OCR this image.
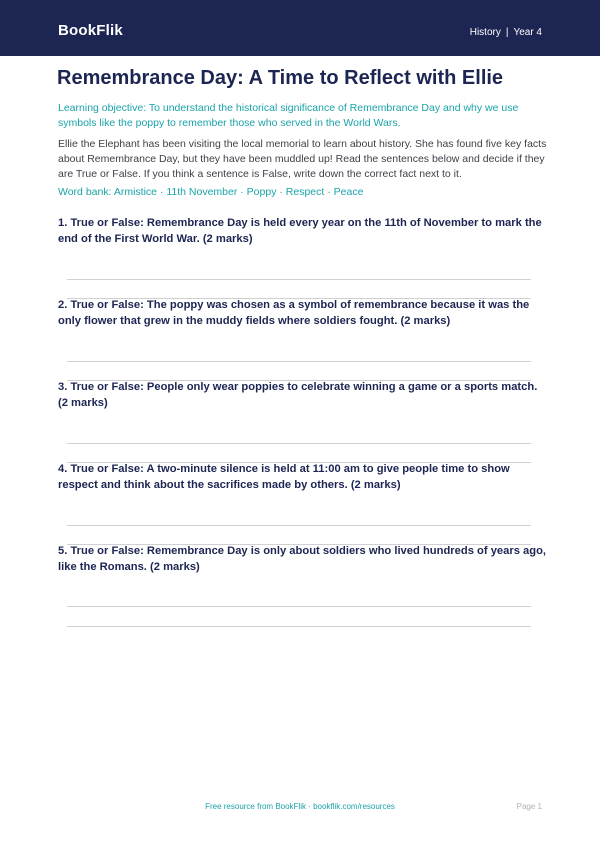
BookFlik	History | Year 4
Remembrance Day: A Time to Reflect with Ellie
Learning objective: To understand the historical significance of Remembrance Day and why we use symbols like the poppy to remember those who served in the World Wars.
Ellie the Elephant has been visiting the local memorial to learn about history. She has found five key facts about Remembrance Day, but they have been muddled up! Read the sentences below and decide if they are True or False. If you think a sentence is False, write down the correct fact next to it.
Word bank: Armistice · 11th November · Poppy · Respect · Peace
1. True or False: Remembrance Day is held every year on the 11th of November to mark the end of the First World War. (2 marks)
2. True or False: The poppy was chosen as a symbol of remembrance because it was the only flower that grew in the muddy fields where soldiers fought. (2 marks)
3. True or False: People only wear poppies to celebrate winning a game or a sports match. (2 marks)
4. True or False: A two-minute silence is held at 11:00 am to give people time to show respect and think about the sacrifices made by others. (2 marks)
5. True or False: Remembrance Day is only about soldiers who lived hundreds of years ago, like the Romans. (2 marks)
Free resource from BookFlik · bookflik.com/resources	Page 1
